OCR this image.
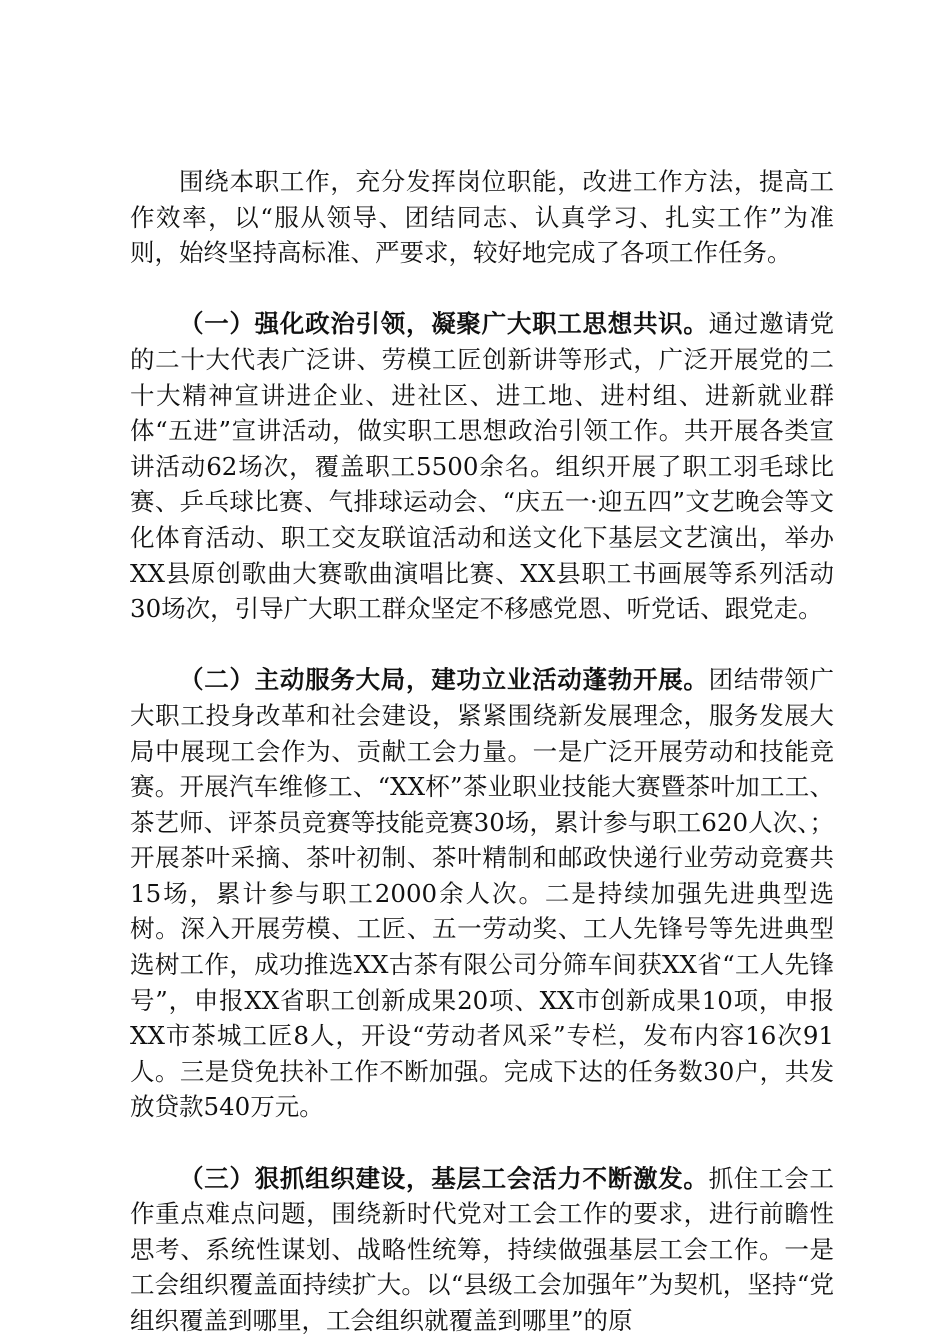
围绕本职工作，充分发挥岗位职能，改进工作方法，提高工作效率，以“服从领导、团结同志、认真学习、扎实工作”为准则，始终坚持高标准、严要求，较好地完成了各项工作任务。

（一）强化政治引领，凝聚广大职工思想共识。通过邀请党的二十大代表广泛讲、劳模工匠创新讲等形式，广泛开展党的二十大精神宣讲进企业、进社区、进工地、进村组、进新就业群体“五进”宣讲活动，做实职工思想政治引领工作。共开展各类宣讲活动62场次，覆盖职工5500余名。组织开展了职工羽毛球比赛、乒乓球比赛、气排球运动会、“庆五一·迎五四”文艺晚会等文化体育活动、职工交友联谊活动和送文化下基层文艺演出，举办XX县原创歌曲大赛歌曲演唱比赛、XX县职工书画展等系列活动30场次，引导广大职工群众坚定不移感党恩、听党话、跟党走。

（二）主动服务大局，建功立业活动蓬勃开展。团结带领广大职工投身改革和社会建设，紧紧围绕新发展理念，服务发展大局中展现工会作为、贡献工会力量。一是广泛开展劳动和技能竞赛。开展汽车维修工、“XX杯”茶业职业技能大赛暨茶叶加工工、茶艺师、评茶员竞赛等技能竞赛30场，累计参与职工620人次、；开展茶叶采摘、茶叶初制、茶叶精制和邮政快递行业劳动竞赛共15场，累计参与职工2000余人次。二是持续加强先进典型选树。深入开展劳模、工匠、五一劳动奖、工人先锋号等先进典型选树工作，成功推选XX古茶有限公司分筛车间获XX省“工人先锋号”，申报XX省职工创新成果20项、XX市创新成果10项，申报XX市茶城工匠8人，开设“劳动者风采”专栏，发布内容16次91人。三是贷免扶补工作不断加强。完成下达的任务数30户，共发放贷款540万元。

（三）狠抓组织建设，基层工会活力不断激发。抓住工会工作重点难点问题，围绕新时代党对工会工作的要求，进行前瞻性思考、系统性谋划、战略性统筹，持续做强基层工会工作。一是工会组织覆盖面持续扩大。以“县级工会加强年”为契机，坚持“党组织覆盖到哪里，工会组织就覆盖到哪里”的原
